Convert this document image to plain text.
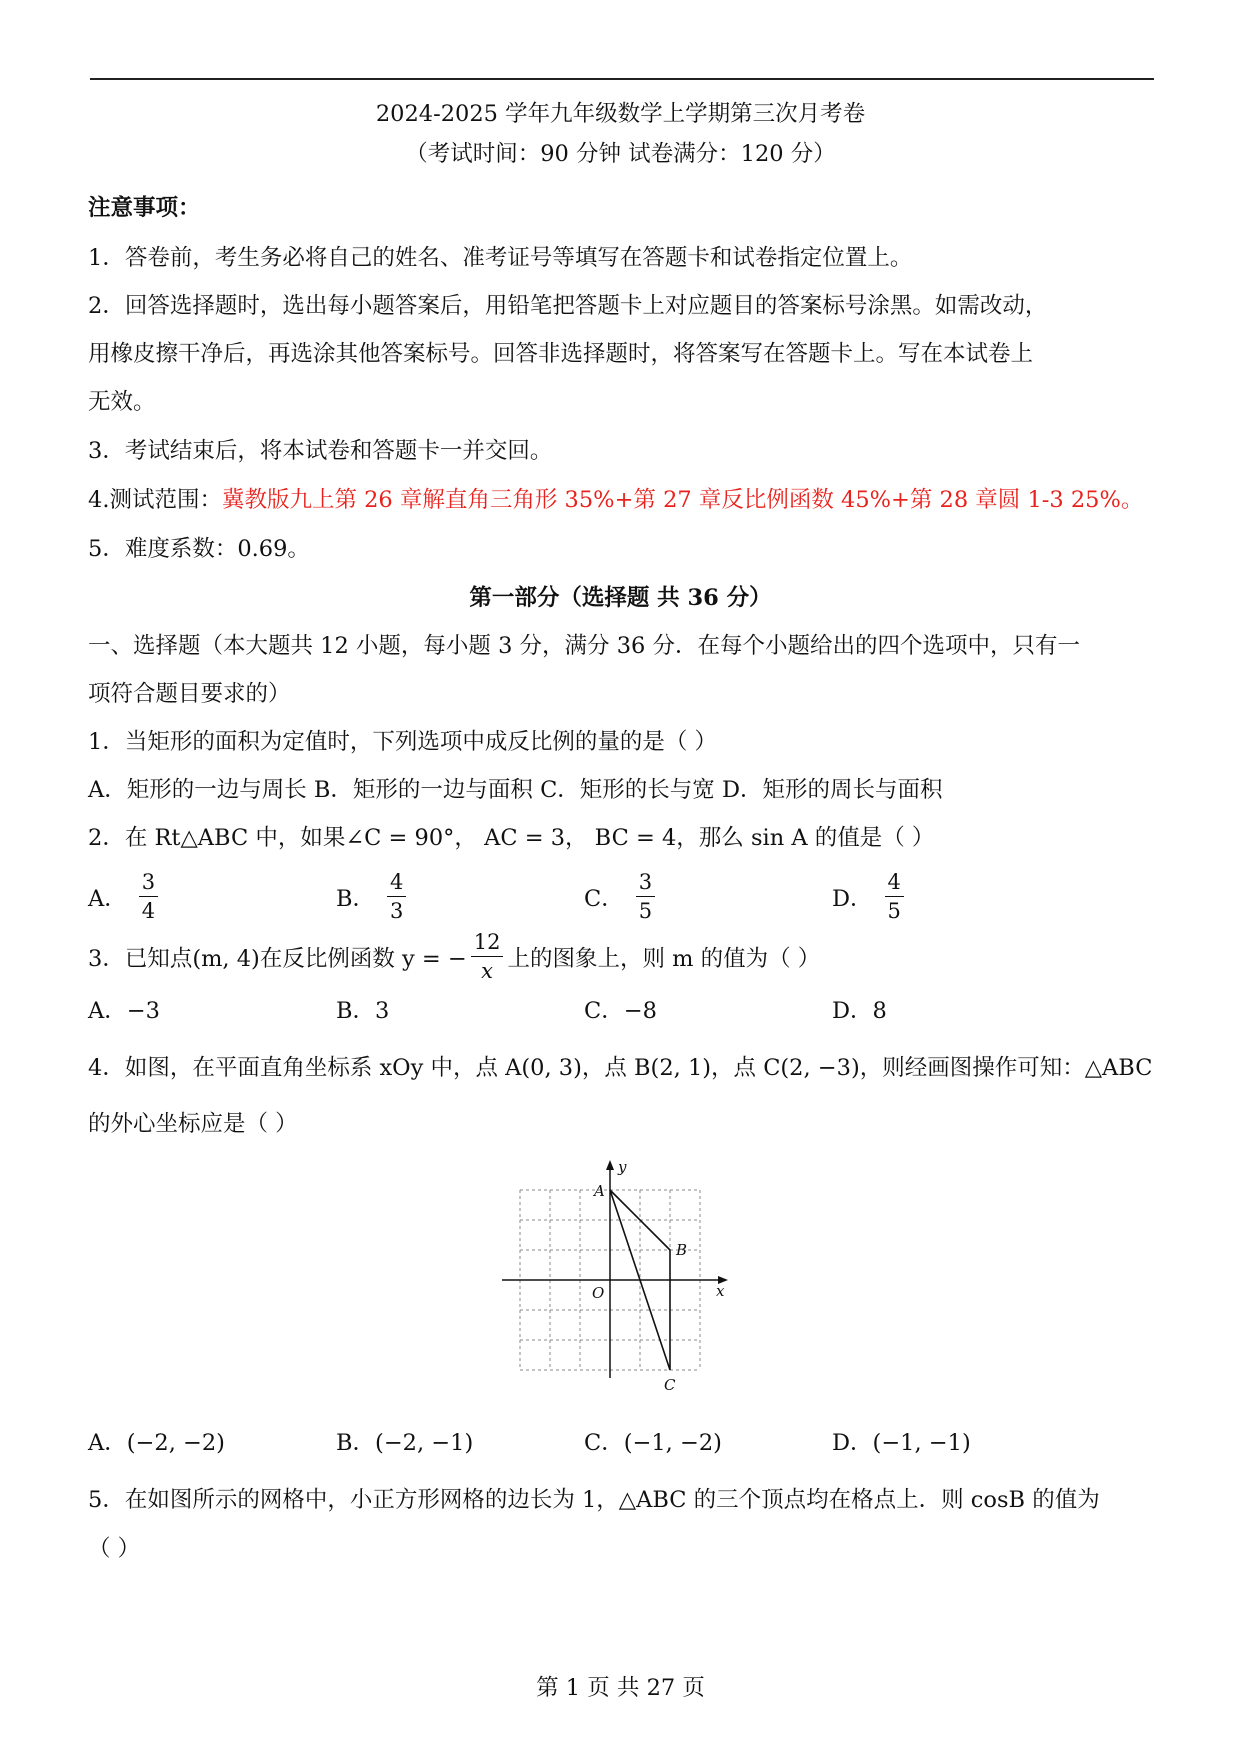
2024-2025 学年九年级数学上学期第三次月考卷
（考试时间：90 分钟 试卷满分：120 分）
注意事项：
1．答卷前，考生务必将自己的姓名、准考证号等填写在答题卡和试卷指定位置上。
2．回答选择题时，选出每小题答案后，用铅笔把答题卡上对应题目的答案标号涂黑。如需改动，
用橡皮擦干净后，再选涂其他答案标号。回答非选择题时，将答案写在答题卡上。写在本试卷上
无效。
3．考试结束后，将本试卷和答题卡一并交回。
4.测试范围：冀教版九上第 26 章解直角三角形 35%+第 27 章反比例函数 45%+第 28 章圆 1-3 25%。
5．难度系数：0.69。
第一部分（选择题 共 36 分）
一、选择题（本大题共 12 小题，每小题 3 分，满分 36 分．在每个小题给出的四个选项中，只有一
项符合题目要求的）
1．当矩形的面积为定值时，下列选项中成反比例的量的是（ ）
A．矩形的一边与周长 B．矩形的一边与面积 C．矩形的长与宽 D．矩形的周长与面积
2．在 Rt△ABC 中，如果∠C = 90°， AC = 3， BC = 4，那么 sin A 的值是（ ）
A． $\frac{3}{4}$	B． $\frac{4}{3}$	C． $\frac{3}{5}$	D． $\frac{4}{5}$
3．已知点(m, 4)在反比例函数 y = − $\frac{12}{x}$ 上的图象上，则 m 的值为（ ）
A．−3	B．3	C．−8	D．8
4．如图，在平面直角坐标系 xOy 中，点 A(0, 3)，点 B(2, 1)，点 C(2, −3)，则经画图操作可知：△ABC
的外心坐标应是（ ）
A
B
C
O	x
y
A．(−2, −2)	B．(−2, −1)	C．(−1, −2)	D．(−1, −1)
5．在如图所示的网格中，小正方形网格的边长为 1，△ABC 的三个顶点均在格点上．则 cosB 的值为
（ ）
第 1 页 共 27 页
